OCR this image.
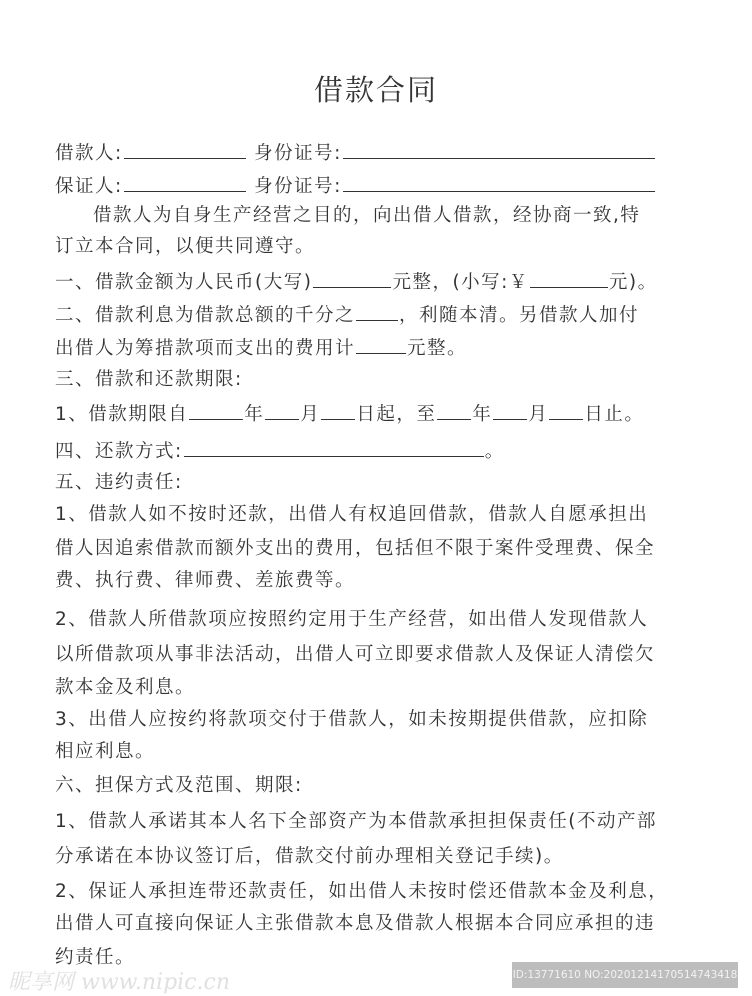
借款合同
借款人:	身份证号:
保证人:	身份证号:
借款人为自身生产经营之目的，向出借人借款，经协商一致,特
订立本合同，以便共同遵守。
一、借款金额为人民币(大写)	元整，(小写:￥	元)。
二、借款利息为借款总额的千分之 ，利随本清。另借款人加付
出借人为筹措款项而支出的费用计	元整。
三、借款和还款期限:
1、借款期限自	年 月 日起，至 年 月 日止。
四、还款方式:	。
五、违约责任:
1、借款人如不按时还款，出借人有权追回借款，借款人自愿承担出
借人因追索借款而额外支出的费用，包括但不限于案件受理费、保全
费、执行费、律师费、差旅费等。
2、借款人所借款项应按照约定用于生产经营，如出借人发现借款人
以所借款项从事非法活动，出借人可立即要求借款人及保证人清偿欠
款本金及利息。
3、出借人应按约将款项交付于借款人，如未按期提供借款，应扣除
相应利息。
六、担保方式及范围、期限:
1、借款人承诺其本人名下全部资产为本借款承担担保责任(不动产部
分承诺在本协议签订后，借款交付前办理相关登记手续)。
2、保证人承担连带还款责任，如出借人未按时偿还借款本金及利息，
出借人可直接向保证人主张借款本息及借款人根据本合同应承担的违
约责任。
昵享网 www.nipic.cn	ID:13771610 NO:20201214170514743418
